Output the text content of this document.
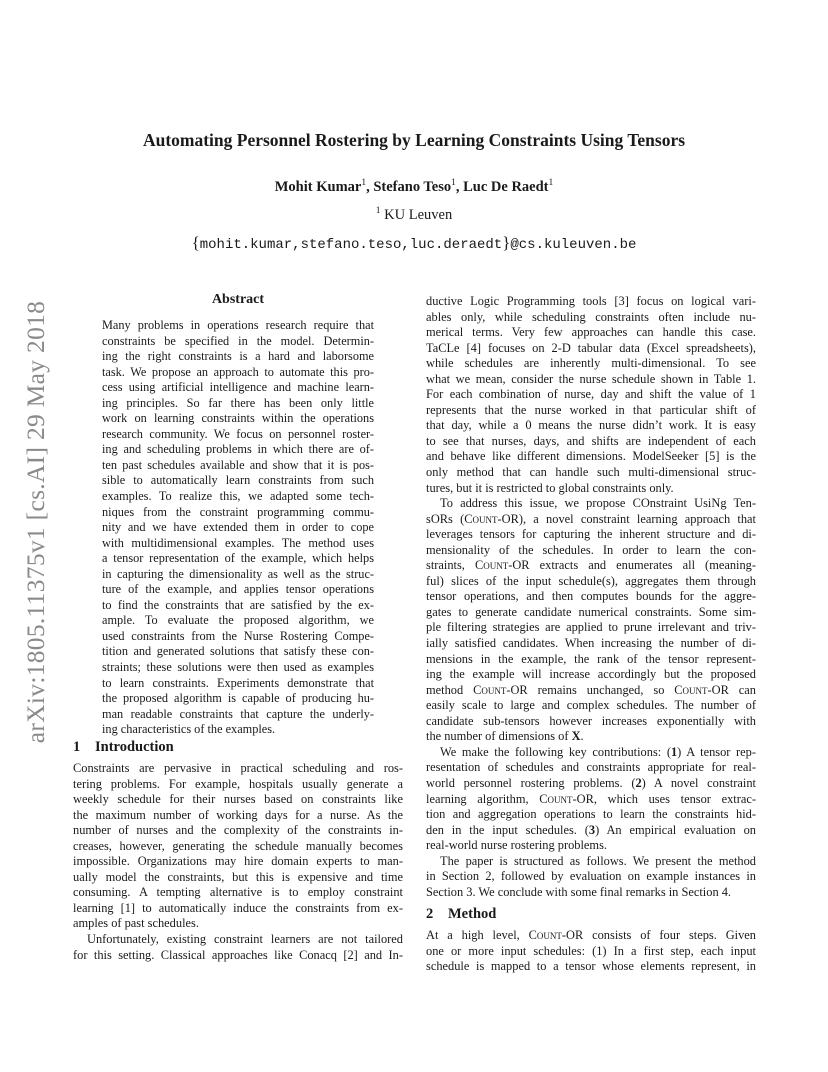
arXiv:1805.11375v1 [cs.AI] 29 May 2018
Automating Personnel Rostering by Learning Constraints Using Tensors
Mohit Kumar$^1$, Stefano Teso$^1$, Luc De Raedt$^1$
$^1$ KU Leuven
{mohit.kumar,stefano.teso,luc.deraedt}@cs.kuleuven.be
Abstract
Many problems in operations research require that
constraints be specified in the model. Determin-
ing the right constraints is a hard and laborsome
task. We propose an approach to automate this pro-
cess using artificial intelligence and machine learn-
ing principles. So far there has been only little
work on learning constraints within the operations
research community. We focus on personnel roster-
ing and scheduling problems in which there are of-
ten past schedules available and show that it is pos-
sible to automatically learn constraints from such
examples. To realize this, we adapted some tech-
niques from the constraint programming commu-
nity and we have extended them in order to cope
with multidimensional examples. The method uses
a tensor representation of the example, which helps
in capturing the dimensionality as well as the struc-
ture of the example, and applies tensor operations
to find the constraints that are satisfied by the ex-
ample. To evaluate the proposed algorithm, we
used constraints from the Nurse Rostering Compe-
tition and generated solutions that satisfy these con-
straints; these solutions were then used as examples
to learn constraints. Experiments demonstrate that
the proposed algorithm is capable of producing hu-
man readable constraints that capture the underly-
ing characteristics of the examples.
1 Introduction
Constraints are pervasive in practical scheduling and ros-
tering problems. For example, hospitals usually generate a
weekly schedule for their nurses based on constraints like
the maximum number of working days for a nurse. As the
number of nurses and the complexity of the constraints in-
creases, however, generating the schedule manually becomes
impossible. Organizations may hire domain experts to man-
ually model the constraints, but this is expensive and time
consuming. A tempting alternative is to employ constraint
learning [1] to automatically induce the constraints from ex-
amples of past schedules.
Unfortunately, existing constraint learners are not tailored
for this setting. Classical approaches like Conacq [2] and In-
ductive Logic Programming tools [3] focus on logical vari-
ables only, while scheduling constraints often include nu-
merical terms. Very few approaches can handle this case.
TaCLe [4] focuses on 2-D tabular data (Excel spreadsheets),
while schedules are inherently multi-dimensional. To see
what we mean, consider the nurse schedule shown in Table 1.
For each combination of nurse, day and shift the value of 1
represents that the nurse worked in that particular shift of
that day, while a 0 means the nurse didn’t work. It is easy
to see that nurses, days, and shifts are independent of each
and behave like different dimensions. ModelSeeker [5] is the
only method that can handle such multi-dimensional struc-
tures, but it is restricted to global constraints only.
To address this issue, we propose COnstraint UsiNg Ten-
sORs (Count-OR), a novel constraint learning approach that
leverages tensors for capturing the inherent structure and di-
mensionality of the schedules. In order to learn the con-
straints, Count-OR extracts and enumerates all (meaning-
ful) slices of the input schedule(s), aggregates them through
tensor operations, and then computes bounds for the aggre-
gates to generate candidate numerical constraints. Some sim-
ple filtering strategies are applied to prune irrelevant and triv-
ially satisfied candidates. When increasing the number of di-
mensions in the example, the rank of the tensor represent-
ing the example will increase accordingly but the proposed
method Count-OR remains unchanged, so Count-OR can
easily scale to large and complex schedules. The number of
candidate sub-tensors however increases exponentially with
the number of dimensions of X.
We make the following key contributions: (1) A tensor rep-
resentation of schedules and constraints appropriate for real-
world personnel rostering problems. (2) A novel constraint
learning algorithm, Count-OR, which uses tensor extrac-
tion and aggregation operations to learn the constraints hid-
den in the input schedules. (3) An empirical evaluation on
real-world nurse rostering problems.
The paper is structured as follows. We present the method
in Section 2, followed by evaluation on example instances in
Section 3. We conclude with some final remarks in Section 4.
2 Method
At a high level, Count-OR consists of four steps. Given
one or more input schedules: (1) In a first step, each input
schedule is mapped to a tensor whose elements represent, in
